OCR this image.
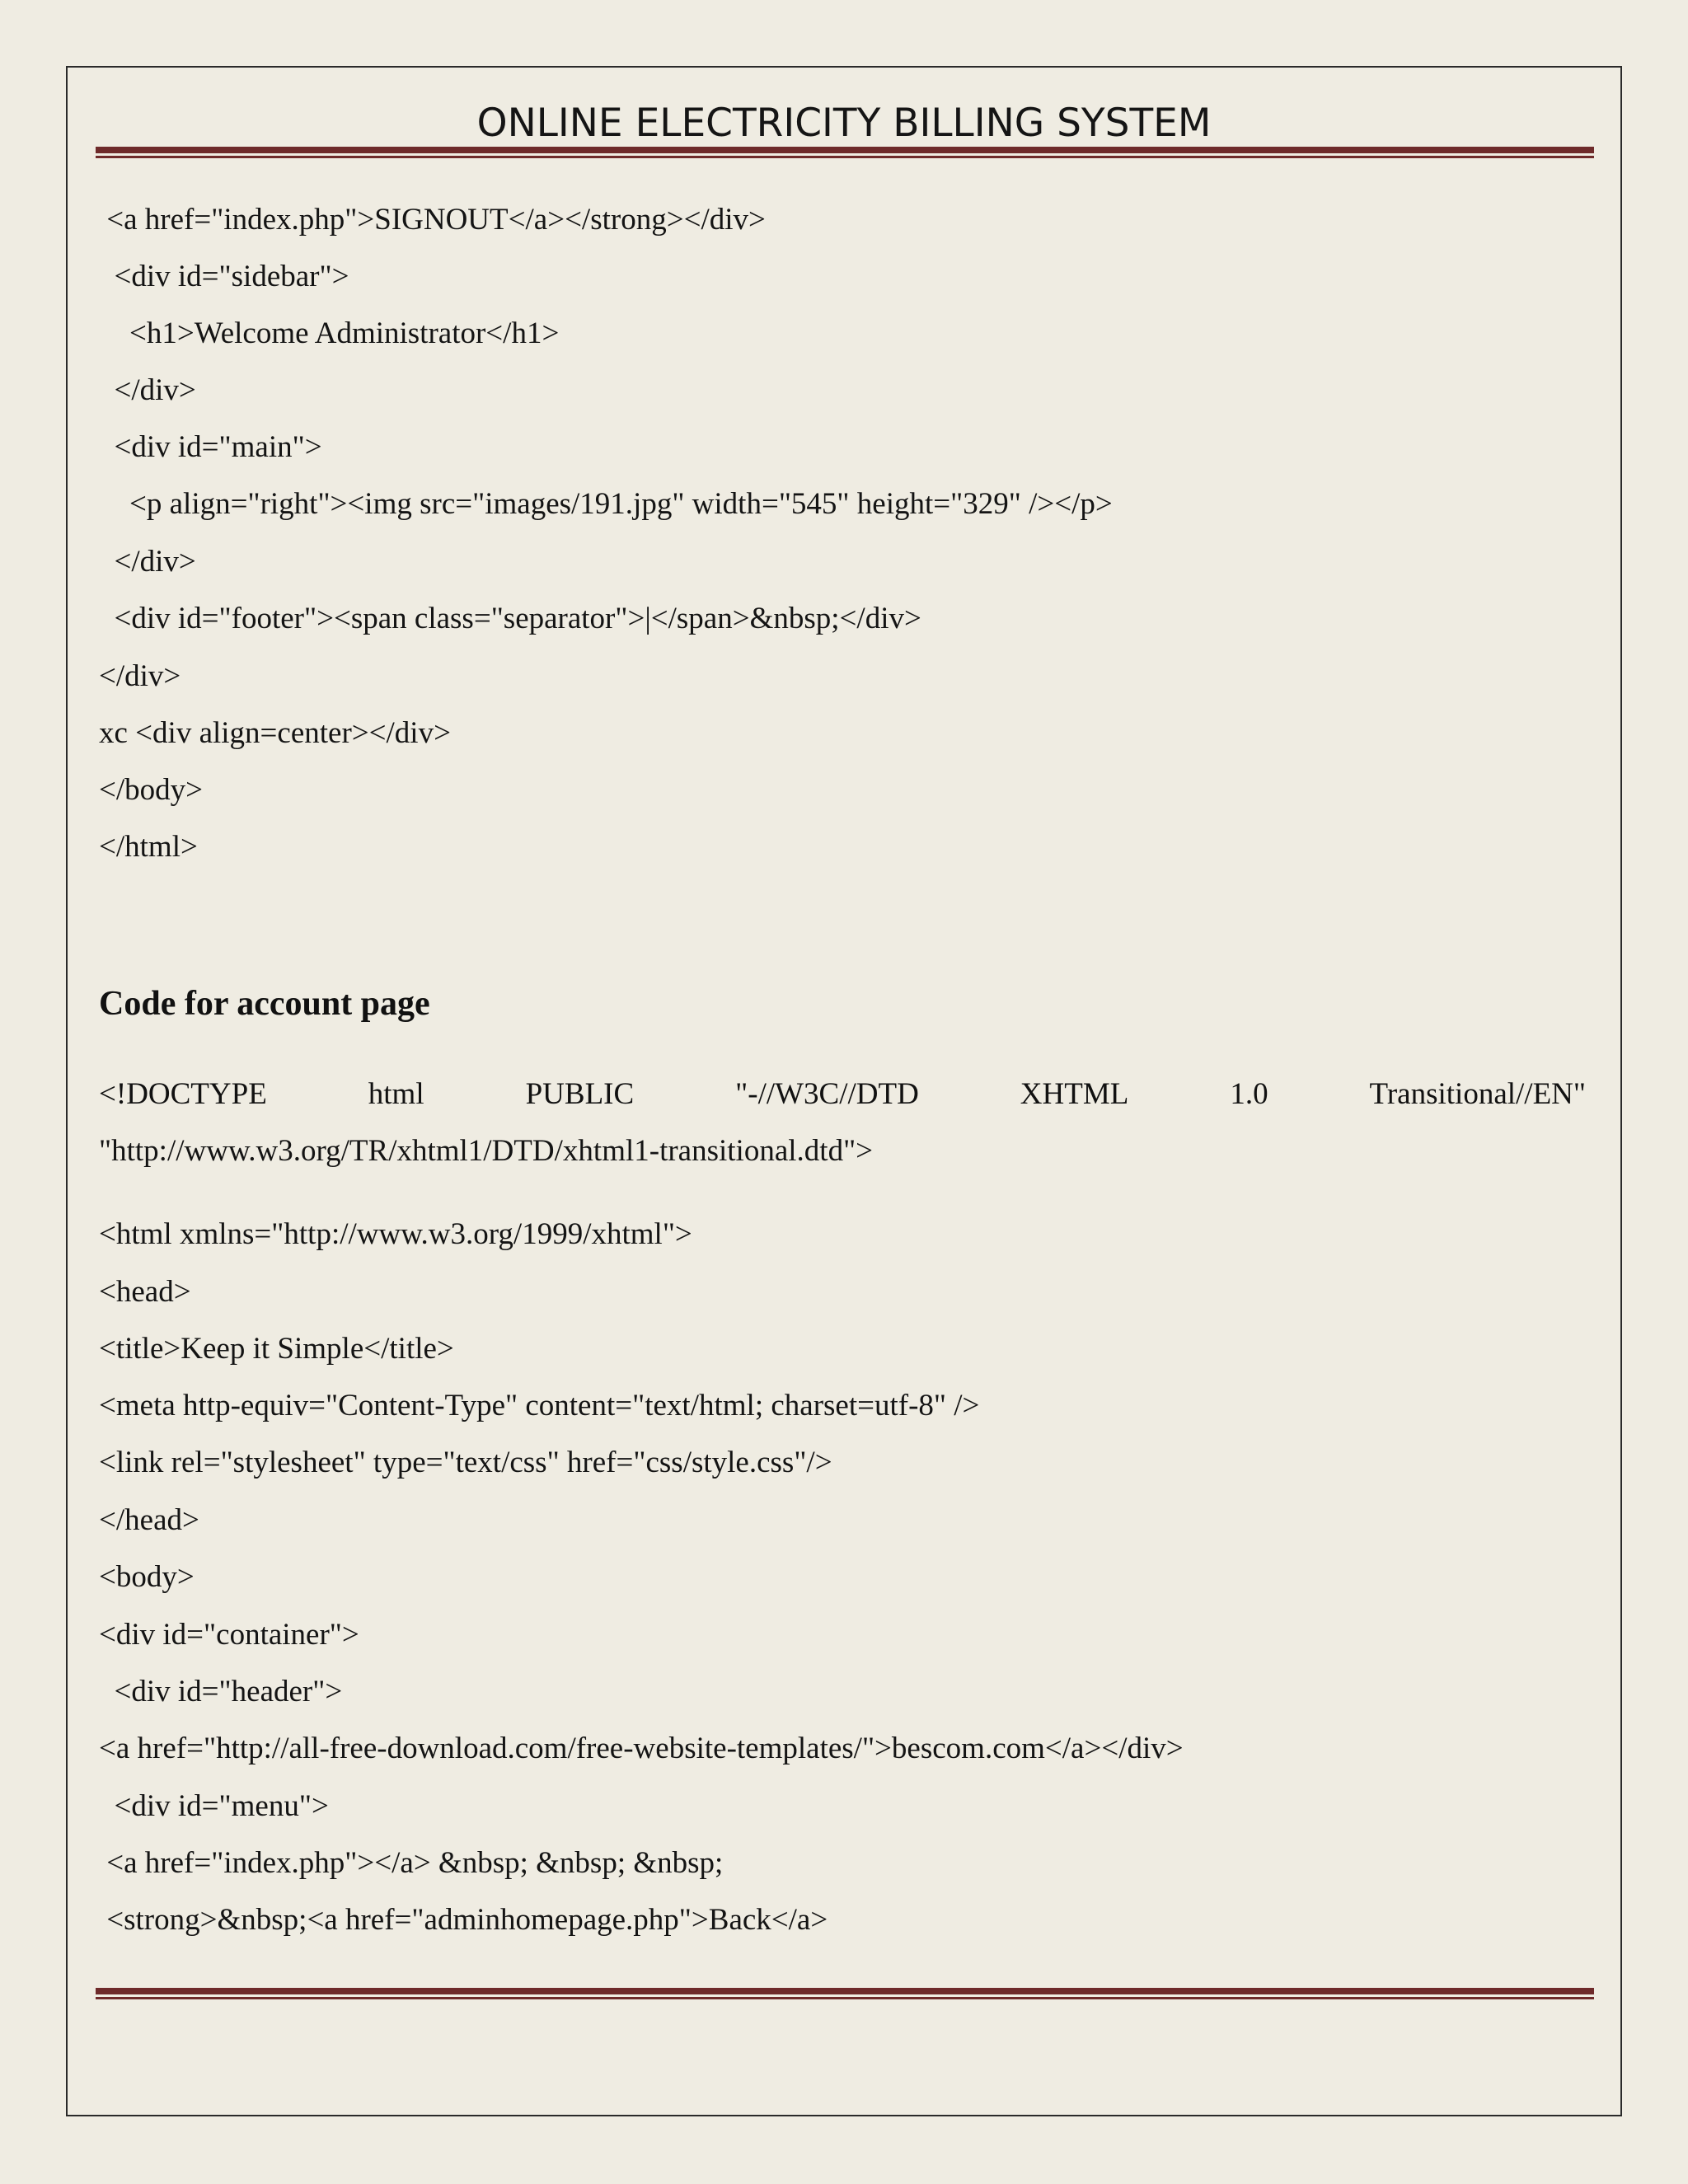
ONLINE ELECTRICITY BILLING SYSTEM
<a href="index.php">SIGNOUT</a></strong></div>
<div id="sidebar">
<h1>Welcome Administrator</h1>
</div>
<div id="main">
<p align="right"><img src="images/191.jpg" width="545" height="329" /></p>
</div>
<div id="footer"><span class="separator">|</span>&nbsp;</div>
</div>
xc <div align=center></div>
</body>
</html>
Code for account page
<!DOCTYPE	html	PUBLIC	"-//W3C//DTD	XHTML	1.0	Transitional//EN"
"http://www.w3.org/TR/xhtml1/DTD/xhtml1-transitional.dtd">
<html xmlns="http://www.w3.org/1999/xhtml">
<head>
<title>Keep it Simple</title>
<meta http-equiv="Content-Type" content="text/html; charset=utf-8" />
<link rel="stylesheet" type="text/css" href="css/style.css"/>
</head>
<body>
<div id="container">
<div id="header">
<a href="http://all-free-download.com/free-website-templates/">bescom.com</a></div>
<div id="menu">
<a href="index.php"></a> &nbsp; &nbsp; &nbsp;
<strong>&nbsp;<a href="adminhomepage.php">Back</a>
